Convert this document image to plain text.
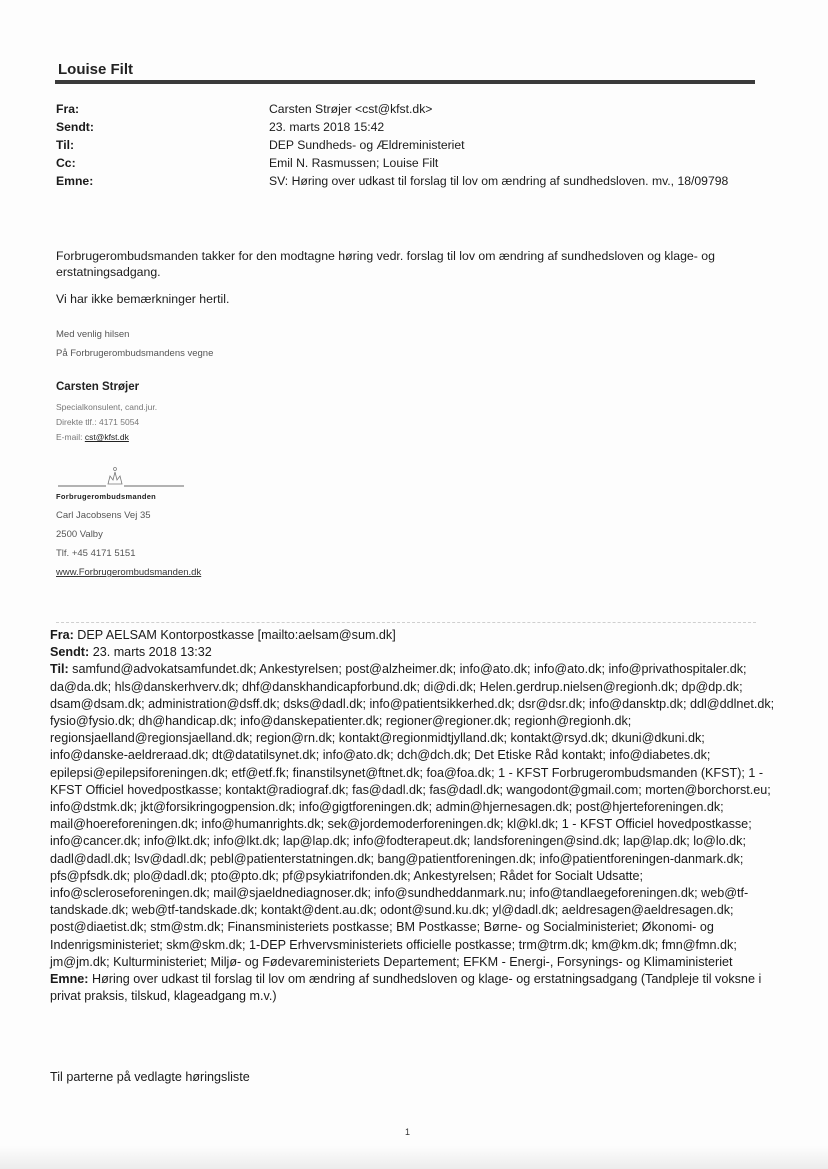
Louise Filt
Fra:	Carsten Strøjer <cst@kfst.dk>
Sendt:	23. marts 2018 15:42
Til:	DEP Sundheds- og Ældreministeriet
Cc:	Emil N. Rasmussen; Louise Filt
Emne:	SV: Høring over udkast til forslag til lov om ændring af sundhedsloven. mv., 18/09798
Forbrugerombudsmanden takker for den modtagne høring vedr. forslag til lov om ændring af sundhedsloven og klage- og erstatningsadgang.
Vi har ikke bemærkninger hertil.
Med venlig hilsen
På Forbrugerombudsmandens vegne
Carsten Strøjer
Specialkonsulent, cand.jur.
Direkte tlf.: 4171 5054
E-mail: cst@kfst.dk
Forbrugerombudsmanden
Carl Jacobsens Vej 35
2500 Valby
Tlf. +45 4171 5151
www.Forbrugerombudsmanden.dk
Fra: DEP AELSAM Kontorpostkasse [mailto:aelsam@sum.dk]
Sendt: 23. marts 2018 13:32
Til: samfund@advokatsamfundet.dk; Ankestyrelsen; post@alzheimer.dk; info@ato.dk; info@ato.dk; info@privathospitaler.dk; da@da.dk; hls@danskerhverv.dk; dhf@danskhandicapforbund.dk; di@di.dk; Helen.gerdrup.nielsen@regionh.dk; dp@dp.dk; dsam@dsam.dk; administration@dsff.dk; dsks@dadl.dk; info@patientsikkerhed.dk; dsr@dsr.dk; info@dansktp.dk; ddl@ddlnet.dk; fysio@fysio.dk; dh@handicap.dk; info@danskepatienter.dk; regioner@regioner.dk; regionh@regionh.dk; regionsjaelland@regionsjaelland.dk; region@rn.dk; kontakt@regionmidtjylland.dk; kontakt@rsyd.dk; dkuni@dkuni.dk; info@danske-aeldreraad.dk; dt@datatilsynet.dk; info@ato.dk; dch@dch.dk; Det Etiske Råd kontakt; info@diabetes.dk; epilepsi@epilepsiforeningen.dk; etf@etf.fk; finanstilsynet@ftnet.dk; foa@foa.dk; 1 - KFST Forbrugerombudsmanden (KFST); 1 - KFST Officiel hovedpostkasse; kontakt@radiograf.dk; fas@dadl.dk; fas@dadl.dk; wangodont@gmail.com; morten@borchorst.eu; info@dstmk.dk; jkt@forsikringogpension.dk; info@gigtforeningen.dk; admin@hjernesagen.dk; post@hjerteforeningen.dk; mail@hoereforeningen.dk; info@humanrights.dk; sek@jordemoderforeningen.dk; kl@kl.dk; 1 - KFST Officiel hovedpostkasse; info@cancer.dk; info@lkt.dk; info@lkt.dk; lap@lap.dk; info@fodterapeut.dk; landsforeningen@sind.dk; lap@lap.dk; lo@lo.dk; dadl@dadl.dk; lsv@dadl.dk; pebl@patienterstatningen.dk; bang@patientforeningen.dk; info@patientforeningen-danmark.dk; pfs@pfsdk.dk; plo@dadl.dk; pto@pto.dk; pf@psykiatrifonden.dk; Ankestyrelsen; Rådet for Socialt Udsatte; info@scleroseforeningen.dk; mail@sjaeldnediagnoser.dk; info@sundheddanmark.nu; info@tandlaegeforeningen.dk; web@tf-tandskade.dk; web@tf-tandskade.dk; kontakt@dent.au.dk; odont@sund.ku.dk; yl@dadl.dk; aeldresagen@aeldresagen.dk; post@diaetist.dk; stm@stm.dk; Finansministeriets postkasse; BM Postkasse; Børne- og Socialministeriet; Økonomi- og Indenrigsministeriet; skm@skm.dk; 1-DEP Erhvervsministeriets officielle postkasse; trm@trm.dk; km@km.dk; fmn@fmn.dk; jm@jm.dk; Kulturministeriet; Miljø- og Fødevareministeriets Departement; EFKM - Energi-, Forsynings- og Klimaministeriet
Emne: Høring over udkast til forslag til lov om ændring af sundhedsloven og klage- og erstatningsadgang (Tandpleje til voksne i privat praksis, tilskud, klageadgang m.v.)
Til parterne på vedlagte høringsliste
1
